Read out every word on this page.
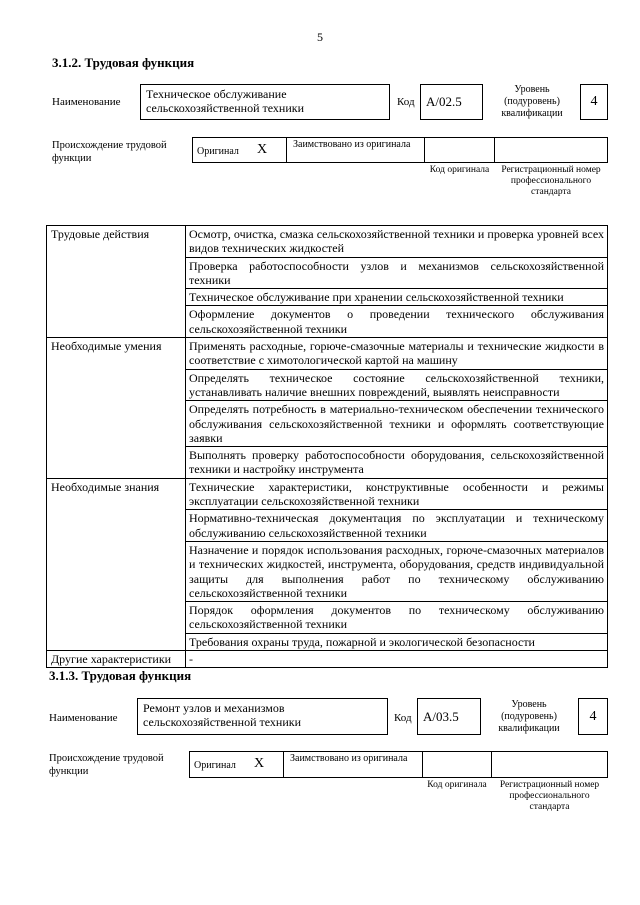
5
3.1.2. Трудовая функция
Наименование
Техническое обслуживание сельскохозяйственной техники	Код A/02.5
Уровень (подуровень) квалификации
4
Происхождение трудовой функции
Оригинал X	Заимствовано из оригинала
Код оригинала	Регистрационный номер профессионального стандарта
Трудовые действия	Осмотр, очистка, смазка сельскохозяйственной техники и проверка уровней всех видов технических жидкостей
	Проверка работоспособности узлов и механизмов сельскохозяйственной техники
	Техническое обслуживание при хранении сельскохозяйственной техники
	Оформление документов о проведении технического обслуживания сельскохозяйственной техники
Необходимые умения	Применять расходные, горюче-смазочные материалы и технические жидкости в соответствие с химотологической картой на машину
	Определять техническое состояние сельскохозяйственной техники, устанавливать наличие внешних повреждений, выявлять неисправности
	Определять потребность в материально-техническом обеспечении технического обслуживания сельскохозяйственной техники и оформлять соответствующие заявки
	Выполнять проверку работоспособности оборудования, сельскохозяйственной техники и настройку инструмента
Необходимые знания	Технические характеристики, конструктивные особенности и режимы эксплуатации сельскохозяйственной техники
	Нормативно-техническая документация по эксплуатации и техническому обслуживанию сельскохозяйственной техники
	Назначение и порядок использования расходных, горюче-смазочных материалов и технических жидкостей, инструмента, оборудования, средств индивидуальной защиты для выполнения работ по техническому обслуживанию сельскохозяйственной техники
	Порядок оформления документов по техническому обслуживанию сельскохозяйственной техники
	Требования охраны труда, пожарной и экологической безопасности
Другие характеристики	-
3.1.3. Трудовая функция
Наименование
Ремонт узлов и механизмов сельскохозяйственной техники	Код A/03.5
Уровень (подуровень) квалификации
4
Происхождение трудовой функции
Оригинал X	Заимствовано из оригинала
Код оригинала	Регистрационный номер профессионального стандарта
